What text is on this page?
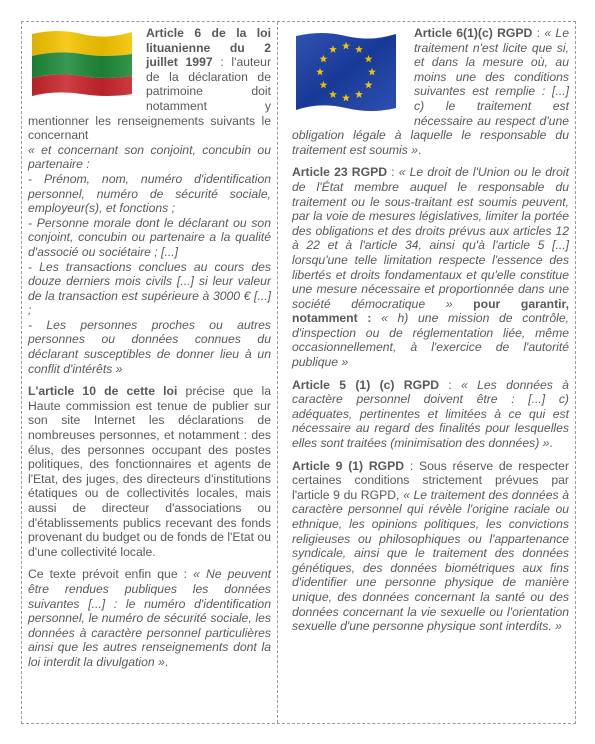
Article 6 de la loi lituanienne du 2 juillet 1997 : l'auteur de la déclaration de patrimoine doit notamment y mentionner les renseignements suivants le concernant
« et concernant son conjoint, concubin ou partenaire :
- Prénom, nom, numéro d'identification personnel, numéro de sécurité sociale, employeur(s), et fonctions ;
- Personne morale dont le déclarant ou son conjoint, concubin ou partenaire a la qualité d'associé ou sociétaire ; [...]
- Les transactions conclues au cours des douze derniers mois civils [...] si leur valeur de la transaction est supérieure à 3000 € [...] ;
- Les personnes proches ou autres personnes ou données connues du déclarant susceptibles de donner lieu à un conflit d'intérêts »

L'article 10 de cette loi précise que la Haute commission est tenue de publier sur son site Internet les déclarations de nombreuses personnes, et notamment : des élus, des personnes occupant des postes politiques, des fonctionnaires et agents de l'Etat, des juges, des directeurs d'institutions étatiques ou de collectivités locales, mais aussi de directeur d'associations ou d'établissements publics recevant des fonds provenant du budget ou de fonds de l'Etat ou d'une collectivité locale.

Ce texte prévoit enfin que : « Ne peuvent être rendues publiques les données suivantes [...] : le numéro d'identification personnel, le numéro de sécurité sociale, les données à caractère personnel particulières ainsi que les autres renseignements dont la loi interdit la divulgation ».

Article 6(1)(c) RGPD : « Le traitement n'est licite que si, et dans la mesure où, au moins une des conditions suivantes est remplie : [...] c) le traitement est nécessaire au respect d'une obligation légale à laquelle le responsable du traitement est soumis ».

Article 23 RGPD : « Le droit de l'Union ou le droit de l'État membre auquel le responsable du traitement ou le sous-traitant est soumis peuvent, par la voie de mesures législatives, limiter la portée des obligations et des droits prévus aux articles 12 à 22 et à l'article 34, ainsi qu'à l'article 5 [...] lorsqu'une telle limitation respecte l'essence des libertés et droits fondamentaux et qu'elle constitue une mesure nécessaire et proportionnée dans une société démocratique » pour garantir, notamment : « h) une mission de contrôle, d'inspection ou de réglementation liée, même occasionnellement, à l'exercice de l'autorité publique »

Article 5 (1) (c) RGPD : « Les données à caractère personnel doivent être : [...] c) adéquates, pertinentes et limitées à ce qui est nécessaire au regard des finalités pour lesquelles elles sont traitées (minimisation des données) ».

Article 9 (1) RGPD : Sous réserve de respecter certaines conditions strictement prévues par l'article 9 du RGPD, « Le traitement des données à caractère personnel qui révèle l'origine raciale ou ethnique, les opinions politiques, les convictions religieuses ou philosophiques ou l'appartenance syndicale, ainsi que le traitement des données génétiques, des données biométriques aux fins d'identifier une personne physique de manière unique, des données concernant la santé ou des données concernant la vie sexuelle ou l'orientation sexuelle d'une personne physique sont interdits. »
